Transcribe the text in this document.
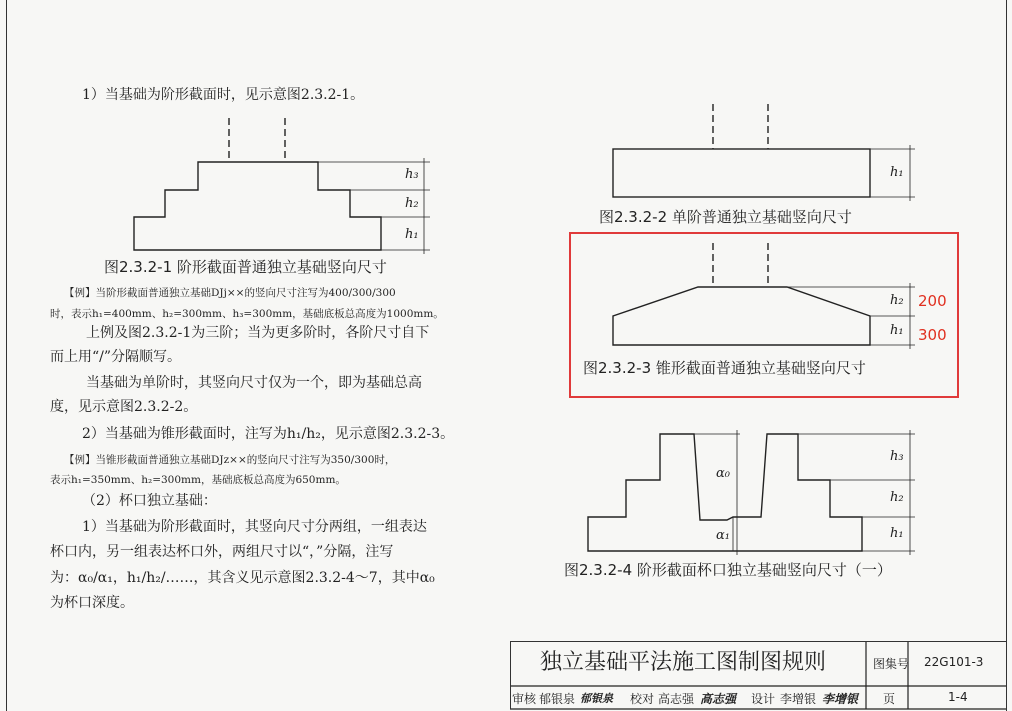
h₃
h₂
h₁
h₁
h₂
h₁
200
300
α₀
α₁
h₃
h₂
h₁
图2.3.2-1 阶形截面普通独立基础竖向尺寸
图2.3.2-2 单阶普通独立基础竖向尺寸
图2.3.2-3 锥形截面普通独立基础竖向尺寸
图2.3.2-4 阶形截面杯口独立基础竖向尺寸（一）
1）当基础为阶形截面时，见示意图2.3.2-1。
【例】当阶形截面普通独立基础DJj××的竖向尺寸注写为400/300/300
时，表示h₁=400mm、h₂=300mm、h₃=300mm，基础底板总高度为1000mm。
上例及图2.3.2-1为三阶；当为更多阶时，各阶尺寸自下
而上用“/”分隔顺写。
当基础为单阶时，其竖向尺寸仅为一个，即为基础总高
度，见示意图2.3.2-2。
2）当基础为锥形截面时，注写为h₁/h₂，见示意图2.3.2-3。
【例】当锥形截面普通独立基础DJz××的竖向尺寸注写为350/300时，
表示h₁=350mm、h₂=300mm，基础底板总高度为650mm。
（2）杯口独立基础：
1）当基础为阶形截面时，其竖向尺寸分两组，一组表达
杯口内，另一组表达杯口外，两组尺寸以“，”分隔，注写
为：α₀/α₁，h₁/h₂/……，其含义见示意图2.3.2-4～7，其中α₀
为杯口深度。
独立基础平法施工图制图规则	图集号 22G101-3
审核 郁银泉 郁银泉 校对 高志强 高志强 设计 李增银 李增银 页	1-4
